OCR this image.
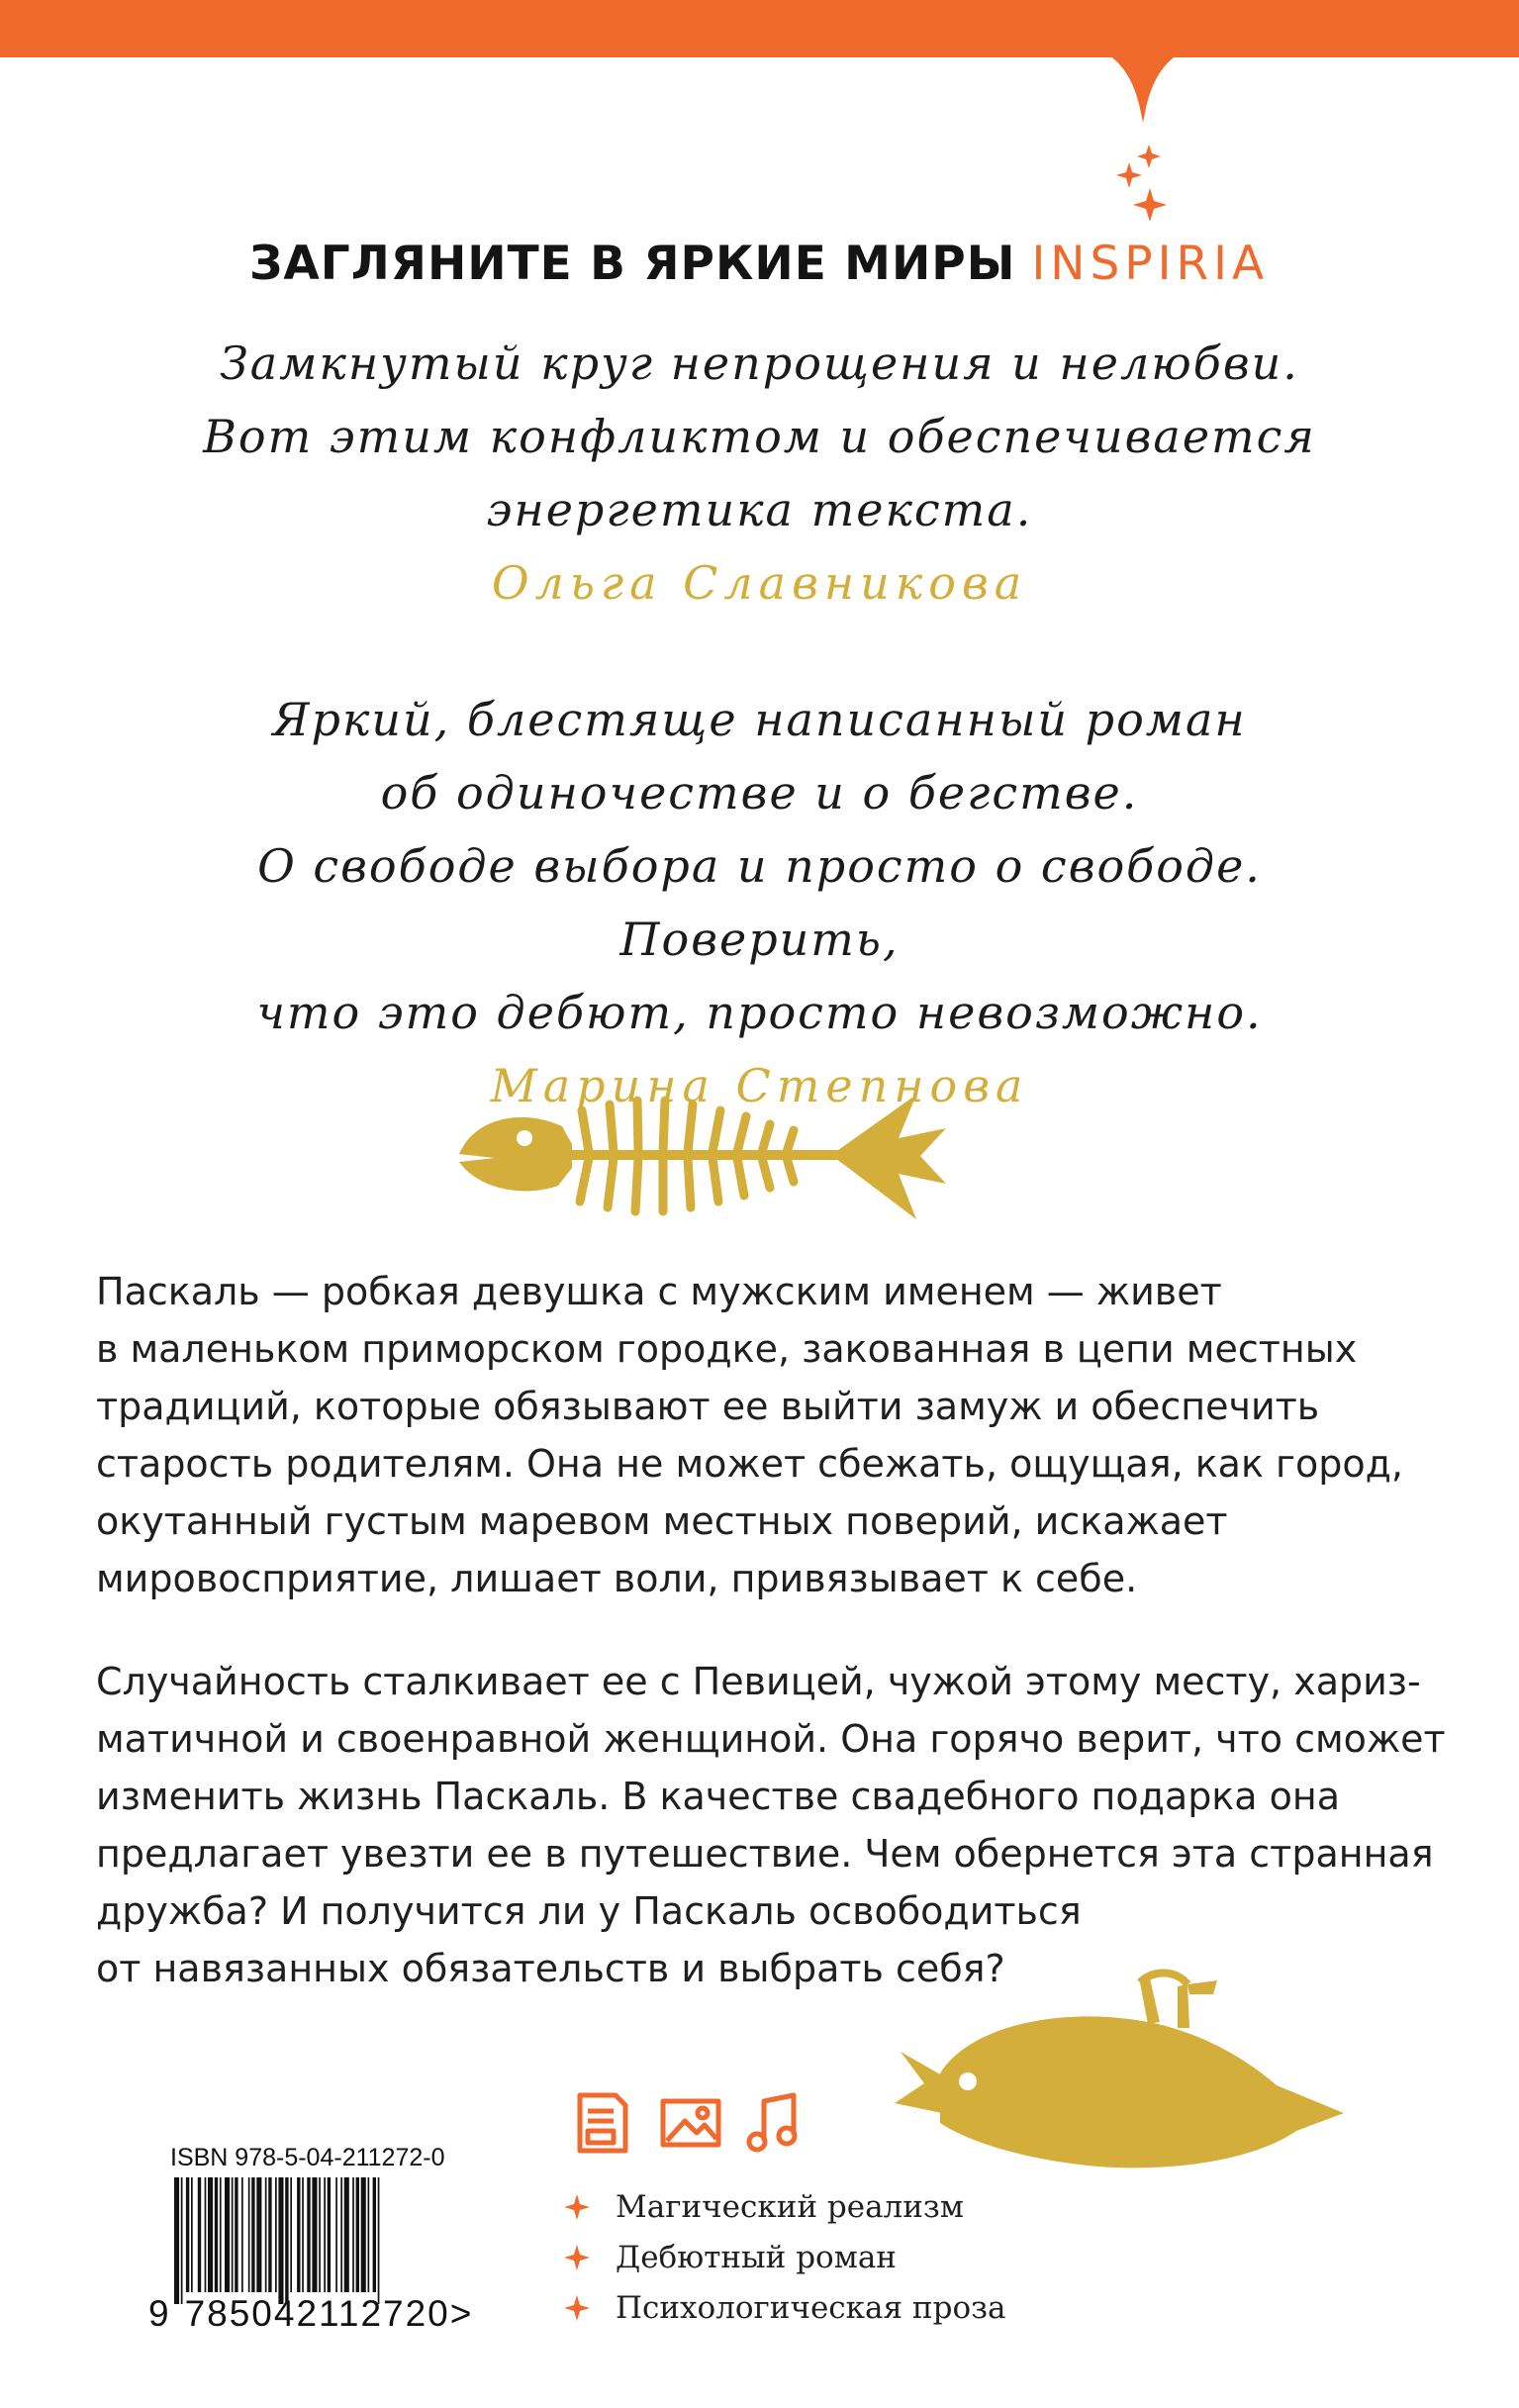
ЗАГЛЯНИТЕ В ЯРКИЕ МИРЫ INSPIRIA
Замкнутый круг непрощения и нелюбви.
Вот этим конфликтом и обеспечивается
энергетика текста.
Ольга Славникова
Яркий, блестяще написанный роман
об одиночестве и о бегстве.
О свободе выбора и просто о свободе. Поверить,
что это дебют, просто невозможно.
Марина Степнова
Паскаль — робкая девушка с мужским именем — живет
в маленьком приморском городке, закованная в цепи местных
традиций, которые обязывают ее выйти замуж и обеспечить
старость родителям. Она не может сбежать, ощущая, как город,
окутанный густым маревом местных поверий, искажает
мировосприятие, лишает воли, привязывает к себе.
Случайность сталкивает ее с Певицей, чужой этому месту, хариз-
матичной и своенравной женщиной. Она горячо верит, что сможет
изменить жизнь Паскаль. В качестве свадебного подарка она
предлагает увезти ее в путешествие. Чем обернется эта странная
дружба? И получится ли у Паскаль освободиться
от навязанных обязательств и выбрать себя?
Магический реализм
Дебютный роман
Психологическая проза
ISBN 978-5-04-211272-0
9 785042112720>
